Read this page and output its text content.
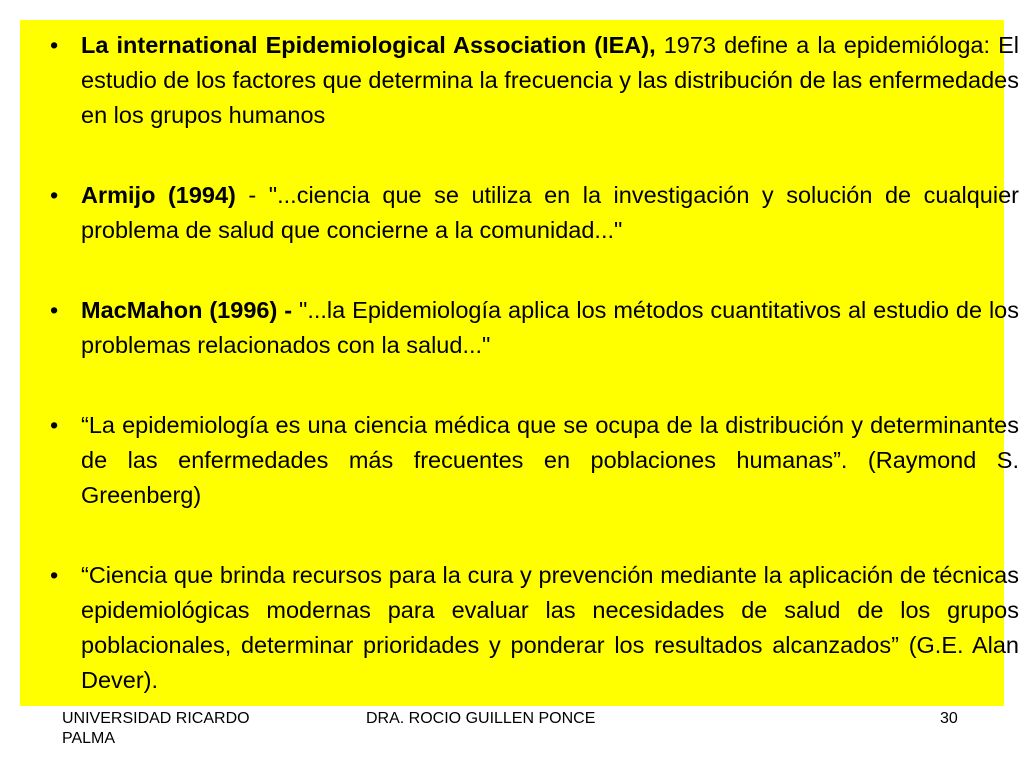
• La international Epidemiological Association (IEA), 1973 define a la epidemióloga: El estudio de los factores que determina la frecuencia y las distribución de las enfermedades en los grupos humanos
• Armijo (1994) - "...ciencia que se utiliza en la investigación y solución de cualquier problema de salud que concierne a la comunidad..."
• MacMahon (1996) - "...la Epidemiología aplica los métodos cuantitativos al estudio de los problemas relacionados con la salud..."
• “La epidemiología es una ciencia médica que se ocupa de la distribución y determinantes de las enfermedades más frecuentes en poblaciones humanas”. (Raymond S. Greenberg)
• “Ciencia que brinda recursos para la cura y prevención mediante la aplicación de técnicas epidemiológicas modernas para evaluar las necesidades de salud de los grupos poblacionales, determinar prioridades y ponderar los resultados alcanzados” (G.E. Alan Dever).
UNIVERSIDAD RICARDO PALMA
DRA. ROCIO GUILLEN PONCE	30
